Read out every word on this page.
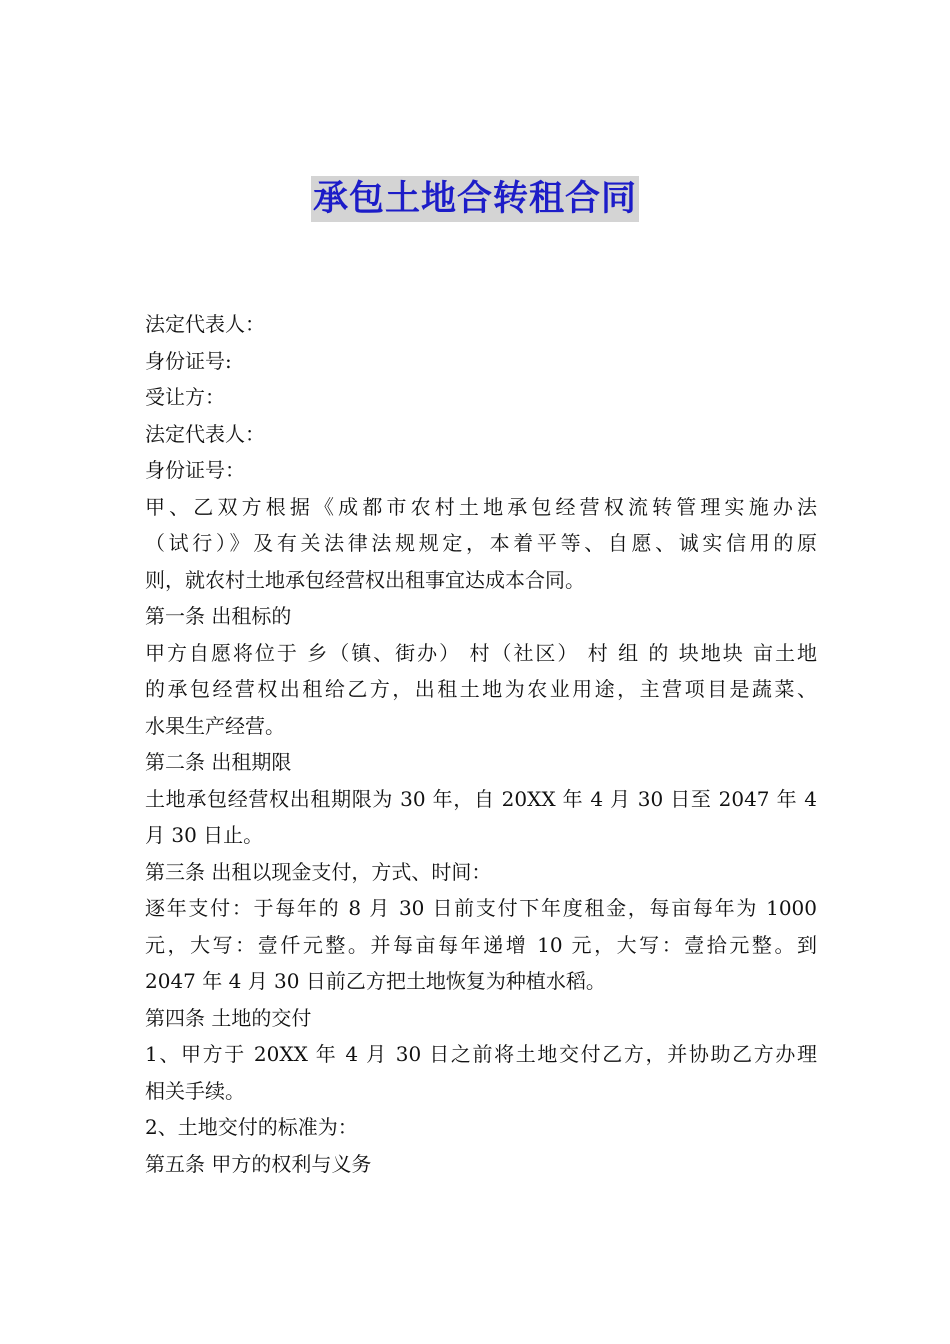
承包土地合转租合同
法定代表人：
身份证号:
受让方：
法定代表人：
身份证号：
甲、乙双方根据《成都市农村土地承包经营权流转管理实施办法
（试行）》及有关法律法规规定，本着平等、自愿、诚实信用的原
则，就农村土地承包经营权出租事宜达成本合同。
第一条 出租标的
甲方自愿将位于 乡（镇、街办） 村（社区） 村 组 的 块地块 亩土地
的承包经营权出租给乙方，出租土地为农业用途，主营项目是蔬菜、
水果生产经营。
第二条 出租期限
土地承包经营权出租期限为 30 年，自 20XX 年 4 月 30 日至 2047 年 4
月 30 日止。
第三条 出租以现金支付，方式、时间：
逐年支付：于每年的 8 月 30 日前支付下年度租金，每亩每年为 1000
元，大写：壹仟元整。并每亩每年递增 10 元，大写：壹拾元整。到
2047 年 4 月 30 日前乙方把土地恢复为种植水稻。
第四条 土地的交付
1、甲方于 20XX 年 4 月 30 日之前将土地交付乙方，并协助乙方办理
相关手续。
2、土地交付的标准为：
第五条 甲方的权利与义务
